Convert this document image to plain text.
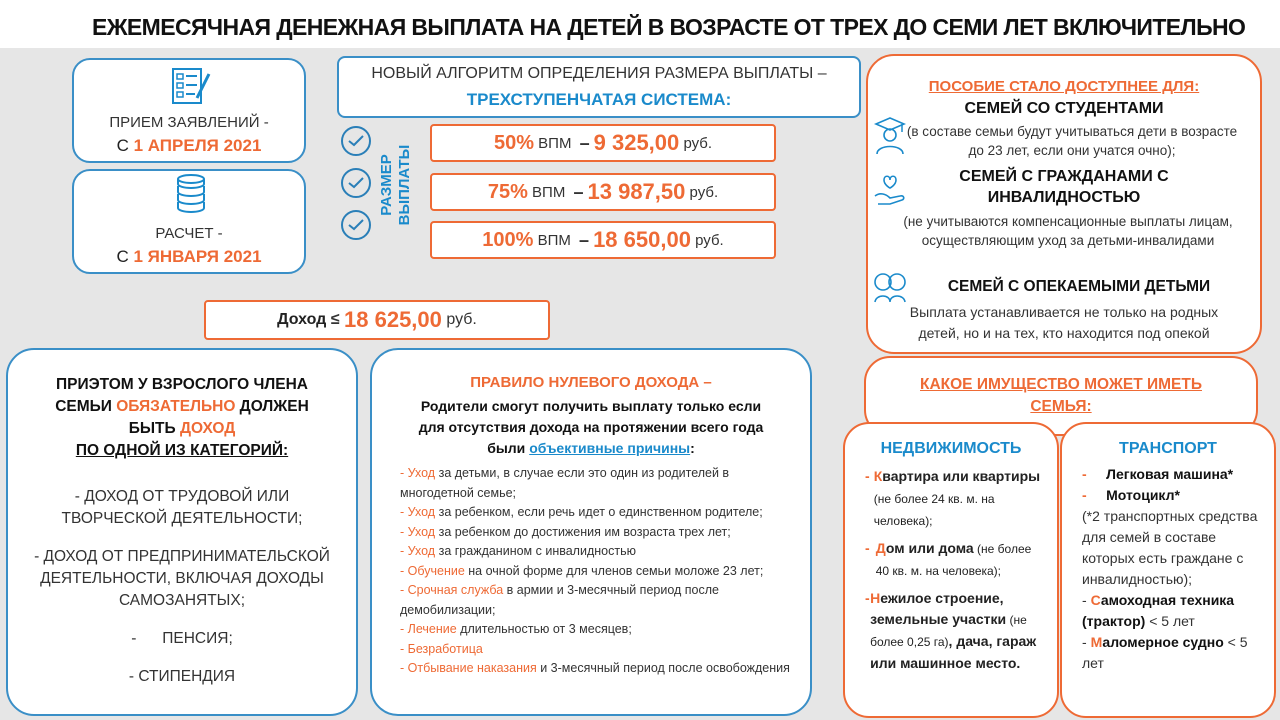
ЕЖЕМЕСЯЧНАЯ ДЕНЕЖНАЯ ВЫПЛАТА НА ДЕТЕЙ В ВОЗРАСТЕ ОТ ТРЕХ ДО СЕМИ ЛЕТ ВКЛЮЧИТЕЛЬНО
ПРИЕМ ЗАЯВЛЕНИЙ -
С 1 АПРЕЛЯ 2021
РАСЧЕТ -
С 1 ЯНВАРЯ 2021
НОВЫЙ АЛГОРИТМ ОПРЕДЕЛЕНИЯ РАЗМЕРА ВЫПЛАТЫ –
ТРЕХСТУПЕНЧАТАЯ СИСТЕМА:
РАЗМЕР ВЫПЛАТЫ
50%
ВПМ
– 9 325,00
руб.
75%
ВПМ
– 13 987,50
руб.
100%
ВПМ
– 18 650,00
руб.
Доход
≤
18 625,00
руб.
ПРИЭТОМ У ВЗРОСЛОГО ЧЛЕНА
СЕМЬИ ОБЯЗАТЕЛЬНО ДОЛЖЕН
БЫТЬ ДОХОД
ПО ОДНОЙ ИЗ КАТЕГОРИЙ:
- ДОХОД ОТ ТРУДОВОЙ ИЛИ
ТВОРЧЕСКОЙ ДЕЯТЕЛЬНОСТИ;
- ДОХОД ОТ ПРЕДПРИНИМАТЕЛЬСКОЙ
ДЕЯТЕЛЬНОСТИ, ВКЛЮЧАЯ ДОХОДЫ
САМОЗАНЯТЫХ;
- ПЕНСИЯ;
- СТИПЕНДИЯ
ПРАВИЛО НУЛЕВОГО ДОХОДА –
Родители смогут получить выплату только если
для отсутствия дохода на протяжении всего года
были объективные причины:
- Уход за детьми, в случае если это один из родителей в многодетной семье;
- Уход за ребенком, если речь идет о единственном родителе;
- Уход за ребенком до достижения им возраста трех лет;
- Уход за гражданином с инвалидностью
- Обучение на очной форме для членов семьи моложе 23 лет;
- Срочная служба в армии и 3-месячный период после демобилизации;
- Лечение длительностью от 3 месяцев;
- Безработица
- Отбывание наказания и 3-месячный период после освобождения
ПОСОБИЕ СТАЛО ДОСТУПНЕЕ ДЛЯ:
СЕМЕЙ СО СТУДЕНТАМИ
(в составе семьи будут учитываться дети в возрасте до 23 лет, если они учатся очно);
СЕМЕЙ С ГРАЖДАНАМИ С
ИНВАЛИДНОСТЬЮ
(не учитываются компенсационные выплаты лицам, осуществляющим уход за детьми-инвалидами
СЕМЕЙ С ОПЕКАЕМЫМИ ДЕТЬМИ
Выплата устанавливается не только на родных детей, но и на тех, кто находится под опекой
КАКОЕ ИМУЩЕСТВО МОЖЕТ ИМЕТЬ
СЕМЬЯ:
НЕДВИЖИМОСТЬ
- Квартира или квартиры (не более 24 кв. м. на человека);
- Дом или дома (не более 40 кв. м. на человека);
- Нежилое строение, земельные участки (не более 0,25 га), дача, гараж или машинное место.
ТРАНСПОРТ
- Легковая машина*
- Мотоцикл*
(*2 транспортных средства для семей в составе которых есть граждане с инвалидностью);
- Самоходная техника (трактор) < 5 лет
- Маломерное судно < 5 лет
